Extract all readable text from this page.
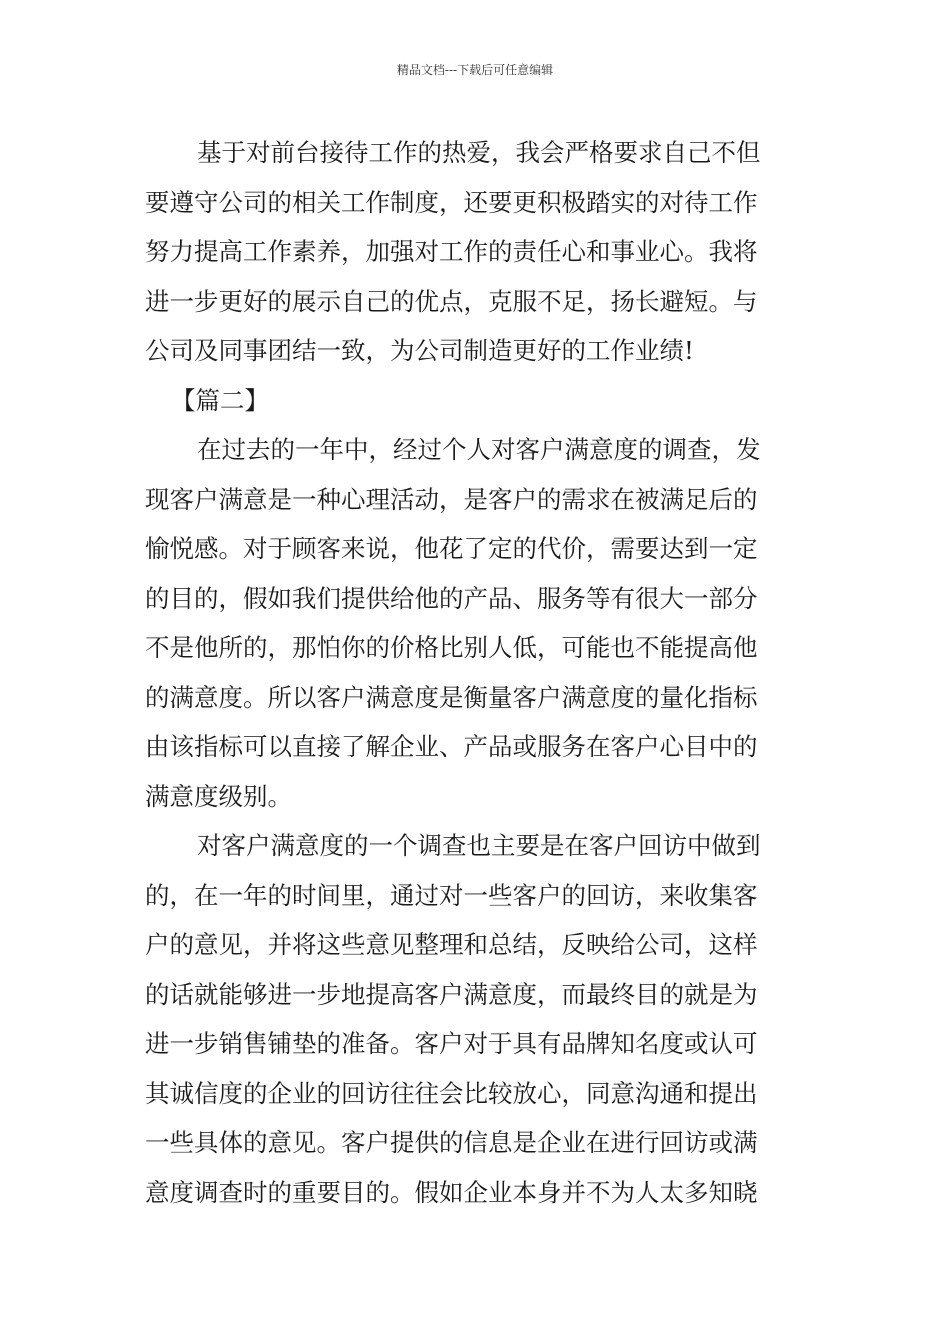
精品文档---下载后可任意编辑
基于对前台接待工作的热爱，我会严格要求自己不但
要遵守公司的相关工作制度，还要更积极踏实的对待工作
努力提高工作素养，加强对工作的责任心和事业心。我将
进一步更好的展示自己的优点，克服不足，扬长避短。与
公司及同事团结一致，为公司制造更好的工作业绩!
【篇二】
在过去的一年中，经过个人对客户满意度的调查，发
现客户满意是一种心理活动，是客户的需求在被满足后的
愉悦感。对于顾客来说，他花了定的代价，需要达到一定
的目的，假如我们提供给他的产品、服务等有很大一部分
不是他所的，那怕你的价格比别人低，可能也不能提高他
的满意度。所以客户满意度是衡量客户满意度的量化指标
由该指标可以直接了解企业、产品或服务在客户心目中的
满意度级别。
对客户满意度的一个调查也主要是在客户回访中做到
的，在一年的时间里，通过对一些客户的回访，来收集客
户的意见，并将这些意见整理和总结，反映给公司，这样
的话就能够进一步地提高客户满意度，而最终目的就是为
进一步销售铺垫的准备。客户对于具有品牌知名度或认可
其诚信度的企业的回访往往会比较放心，同意沟通和提出
一些具体的意见。客户提供的信息是企业在进行回访或满
意度调查时的重要目的。假如企业本身并不为人太多知晓
